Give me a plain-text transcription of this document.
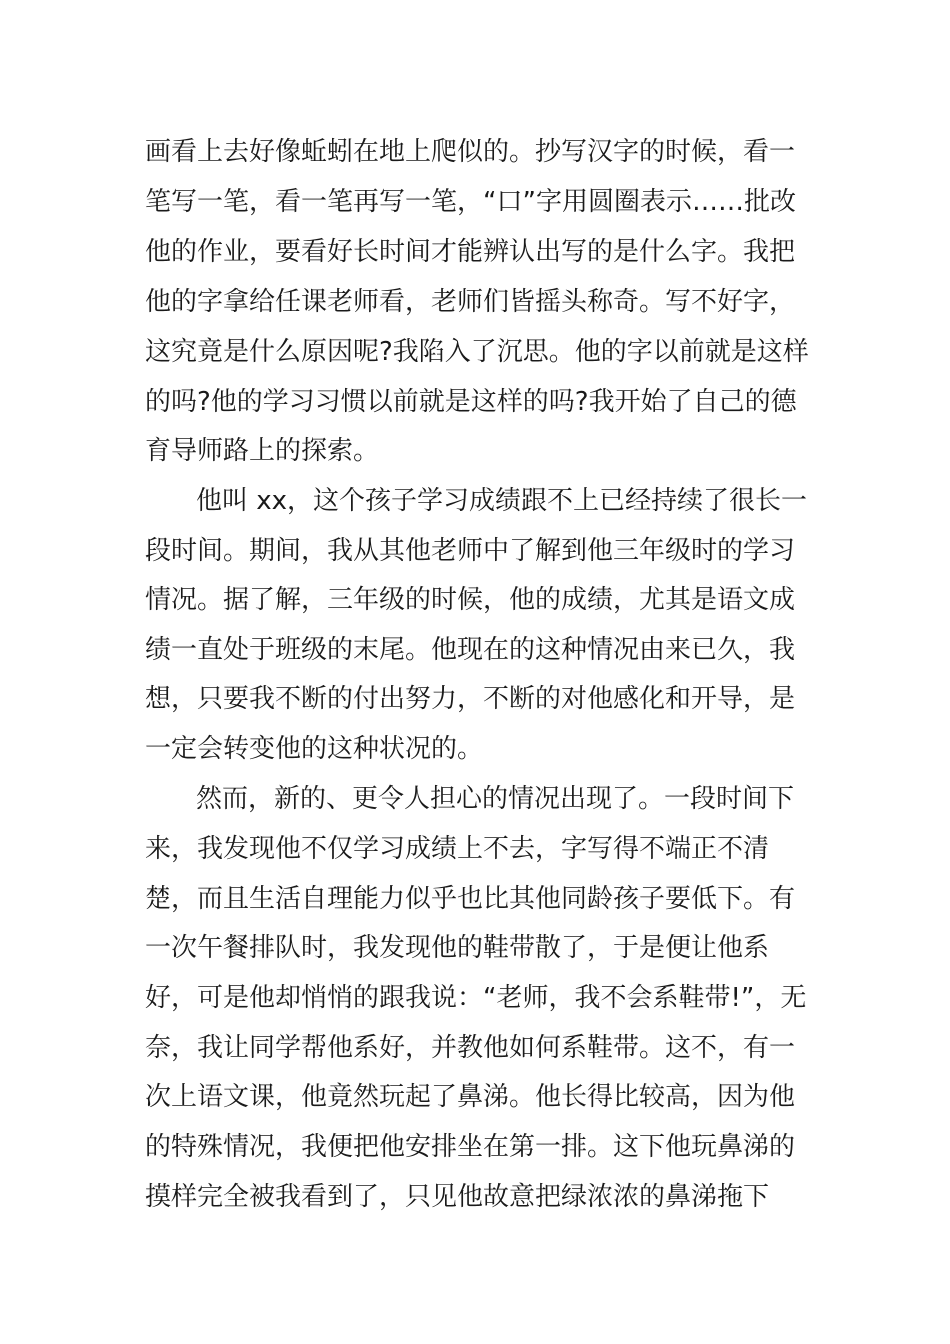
画看上去好像蚯蚓在地上爬似的。抄写汉字的时候，看一
笔写一笔，看一笔再写一笔，“口”字用圆圈表示……批改
他的作业，要看好长时间才能辨认出写的是什么字。我把
他的字拿给任课老师看，老师们皆摇头称奇。写不好字，
这究竟是什么原因呢?我陷入了沉思。他的字以前就是这样
的吗?他的学习习惯以前就是这样的吗?我开始了自己的德
育导师路上的探索。
他叫 xx，这个孩子学习成绩跟不上已经持续了很长一
段时间。期间，我从其他老师中了解到他三年级时的学习
情况。据了解，三年级的时候，他的成绩，尤其是语文成
绩一直处于班级的末尾。他现在的这种情况由来已久，我
想，只要我不断的付出努力，不断的对他感化和开导，是
一定会转变他的这种状况的。
然而，新的、更令人担心的情况出现了。一段时间下
来，我发现他不仅学习成绩上不去，字写得不端正不清
楚，而且生活自理能力似乎也比其他同龄孩子要低下。有
一次午餐排队时，我发现他的鞋带散了，于是便让他系
好，可是他却悄悄的跟我说：“老师，我不会系鞋带!”，无
奈，我让同学帮他系好，并教他如何系鞋带。这不，有一
次上语文课，他竟然玩起了鼻涕。他长得比较高，因为他
的特殊情况，我便把他安排坐在第一排。这下他玩鼻涕的
摸样完全被我看到了，只见他故意把绿浓浓的鼻涕拖下
